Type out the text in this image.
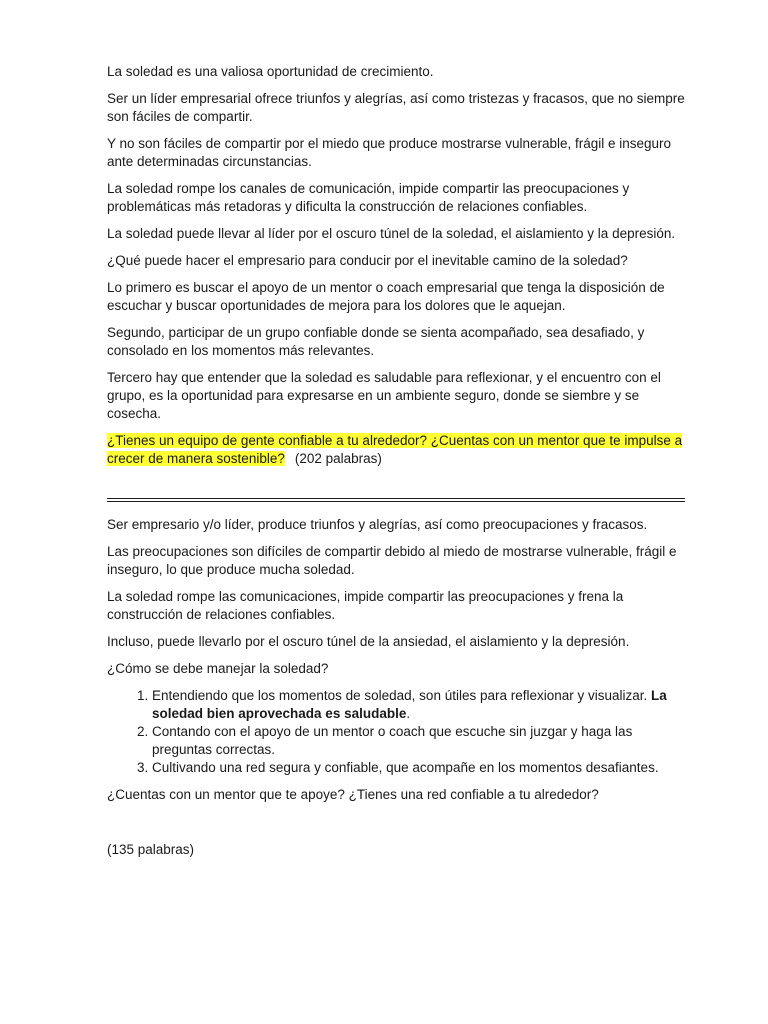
La soledad es una valiosa oportunidad de crecimiento.

Ser un líder empresarial ofrece triunfos y alegrías, así como tristezas y fracasos, que no siempre son fáciles de compartir.

Y no son fáciles de compartir por el miedo que produce mostrarse vulnerable, frágil e inseguro ante determinadas circunstancias.

La soledad rompe los canales de comunicación, impide compartir las preocupaciones y problemáticas más retadoras y dificulta la construcción de relaciones confiables.

La soledad puede llevar al líder por el oscuro túnel de la soledad, el aislamiento y la depresión.

¿Qué puede hacer el empresario para conducir por el inevitable camino de la soledad?

Lo primero es buscar el apoyo de un mentor o coach empresarial que tenga la disposición de escuchar y buscar oportunidades de mejora para los dolores que le aquejan.

Segundo, participar de un grupo confiable donde se sienta acompañado, sea desafiado, y consolado en los momentos más relevantes.

Tercero hay que entender que la soledad es saludable para reflexionar, y el encuentro con el grupo, es la oportunidad para expresarse en un ambiente seguro, donde se siembre y se cosecha.

¿Tienes un equipo de gente confiable a tu alrededor? ¿Cuentas con un mentor que te impulse a crecer de manera sostenible? (202 palabras)

Ser empresario y/o líder, produce triunfos y alegrías, así como preocupaciones y fracasos.

Las preocupaciones son difíciles de compartir debido al miedo de mostrarse vulnerable, frágil e inseguro, lo que produce mucha soledad.

La soledad rompe las comunicaciones, impide compartir las preocupaciones y frena la construcción de relaciones confiables.

Incluso, puede llevarlo por el oscuro túnel de la ansiedad, el aislamiento y la depresión.

¿Cómo se debe manejar la soledad?

1. Entendiendo que los momentos de soledad, son útiles para reflexionar y visualizar. La soledad bien aprovechada es saludable.
2. Contando con el apoyo de un mentor o coach que escuche sin juzgar y haga las preguntas correctas.
3. Cultivando una red segura y confiable, que acompañe en los momentos desafiantes.

¿Cuentas con un mentor que te apoye? ¿Tienes una red confiable a tu alrededor?

(135 palabras)
